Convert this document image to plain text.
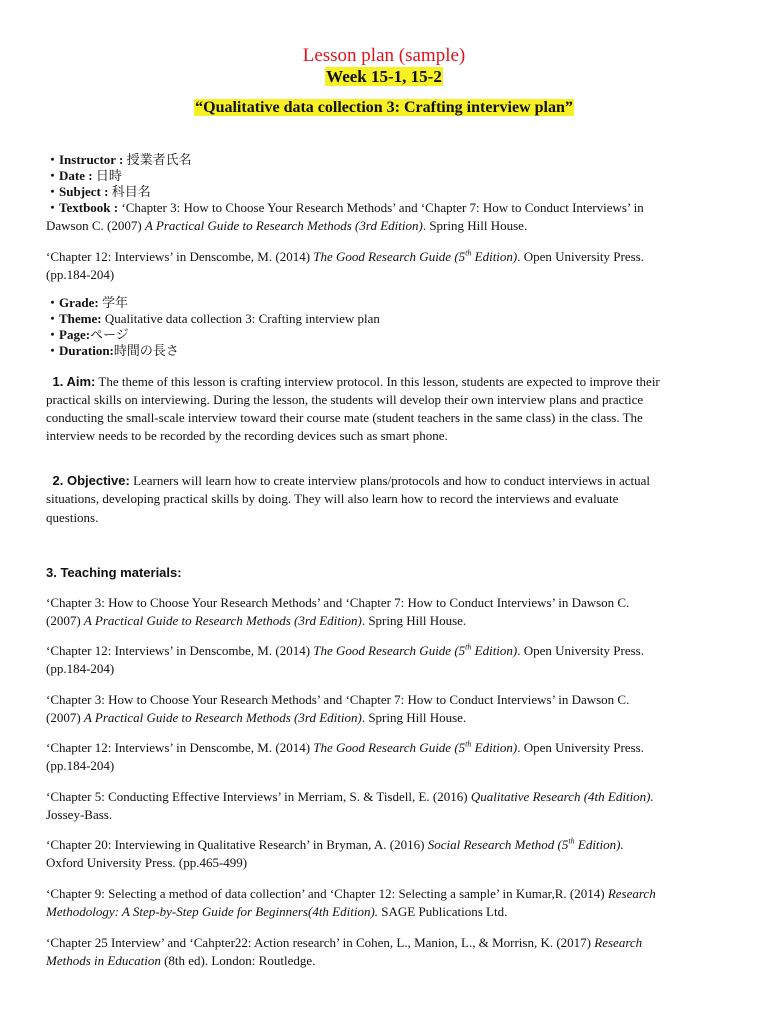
Lesson plan (sample)
Week 15-1, 15-2
“Qualitative data collection 3: Crafting interview plan”
・Instructor : 授業者氏名
・Date : 日時
・Subject : 科目名
・Textbook : ‘Chapter 3: How to Choose Your Research Methods’ and ‘Chapter 7: How to Conduct Interviews’ in
Dawson C. (2007) A Practical Guide to Research Methods (3rd Edition). Spring Hill House.
‘Chapter 12: Interviews’ in Denscombe, M. (2014) The Good Research Guide (5th Edition). Open University Press.
(pp.184-204)
・Grade: 学年
・Theme: Qualitative data collection 3: Crafting interview plan
・Page:ページ
・Duration:時間の長さ
1. Aim: The theme of this lesson is crafting interview protocol. In this lesson, students are expected to improve their
practical skills on interviewing. During the lesson, the students will develop their own interview plans and practice
conducting the small-scale interview toward their course mate (student teachers in the same class) in the class. The
interview needs to be recorded by the recording devices such as smart phone.
2. Objective: Learners will learn how to create interview plans/protocols and how to conduct interviews in actual
situations, developing practical skills by doing. They will also learn how to record the interviews and evaluate
questions.
3. Teaching materials:
‘Chapter 3: How to Choose Your Research Methods’ and ‘Chapter 7: How to Conduct Interviews’ in Dawson C.
(2007) A Practical Guide to Research Methods (3rd Edition). Spring Hill House.
‘Chapter 12: Interviews’ in Denscombe, M. (2014) The Good Research Guide (5th Edition). Open University Press.
(pp.184-204)
‘Chapter 3: How to Choose Your Research Methods’ and ‘Chapter 7: How to Conduct Interviews’ in Dawson C.
(2007) A Practical Guide to Research Methods (3rd Edition). Spring Hill House.
‘Chapter 12: Interviews’ in Denscombe, M. (2014) The Good Research Guide (5th Edition). Open University Press.
(pp.184-204)
‘Chapter 5: Conducting Effective Interviews’ in Merriam, S. & Tisdell, E. (2016) Qualitative Research (4th Edition).
Jossey-Bass.
‘Chapter 20: Interviewing in Qualitative Research’ in Bryman, A. (2016) Social Research Method (5th Edition).
Oxford University Press. (pp.465-499)
‘Chapter 9: Selecting a method of data collection’ and ‘Chapter 12: Selecting a sample’ in Kumar,R. (2014) Research
Methodology: A Step-by-Step Guide for Beginners(4th Edition). SAGE Publications Ltd.
‘Chapter 25 Interview’ and ‘Cahpter22: Action research’ in Cohen, L., Manion, L., & Morrisn, K. (2017) Research
Methods in Education (8th ed). London: Routledge.
